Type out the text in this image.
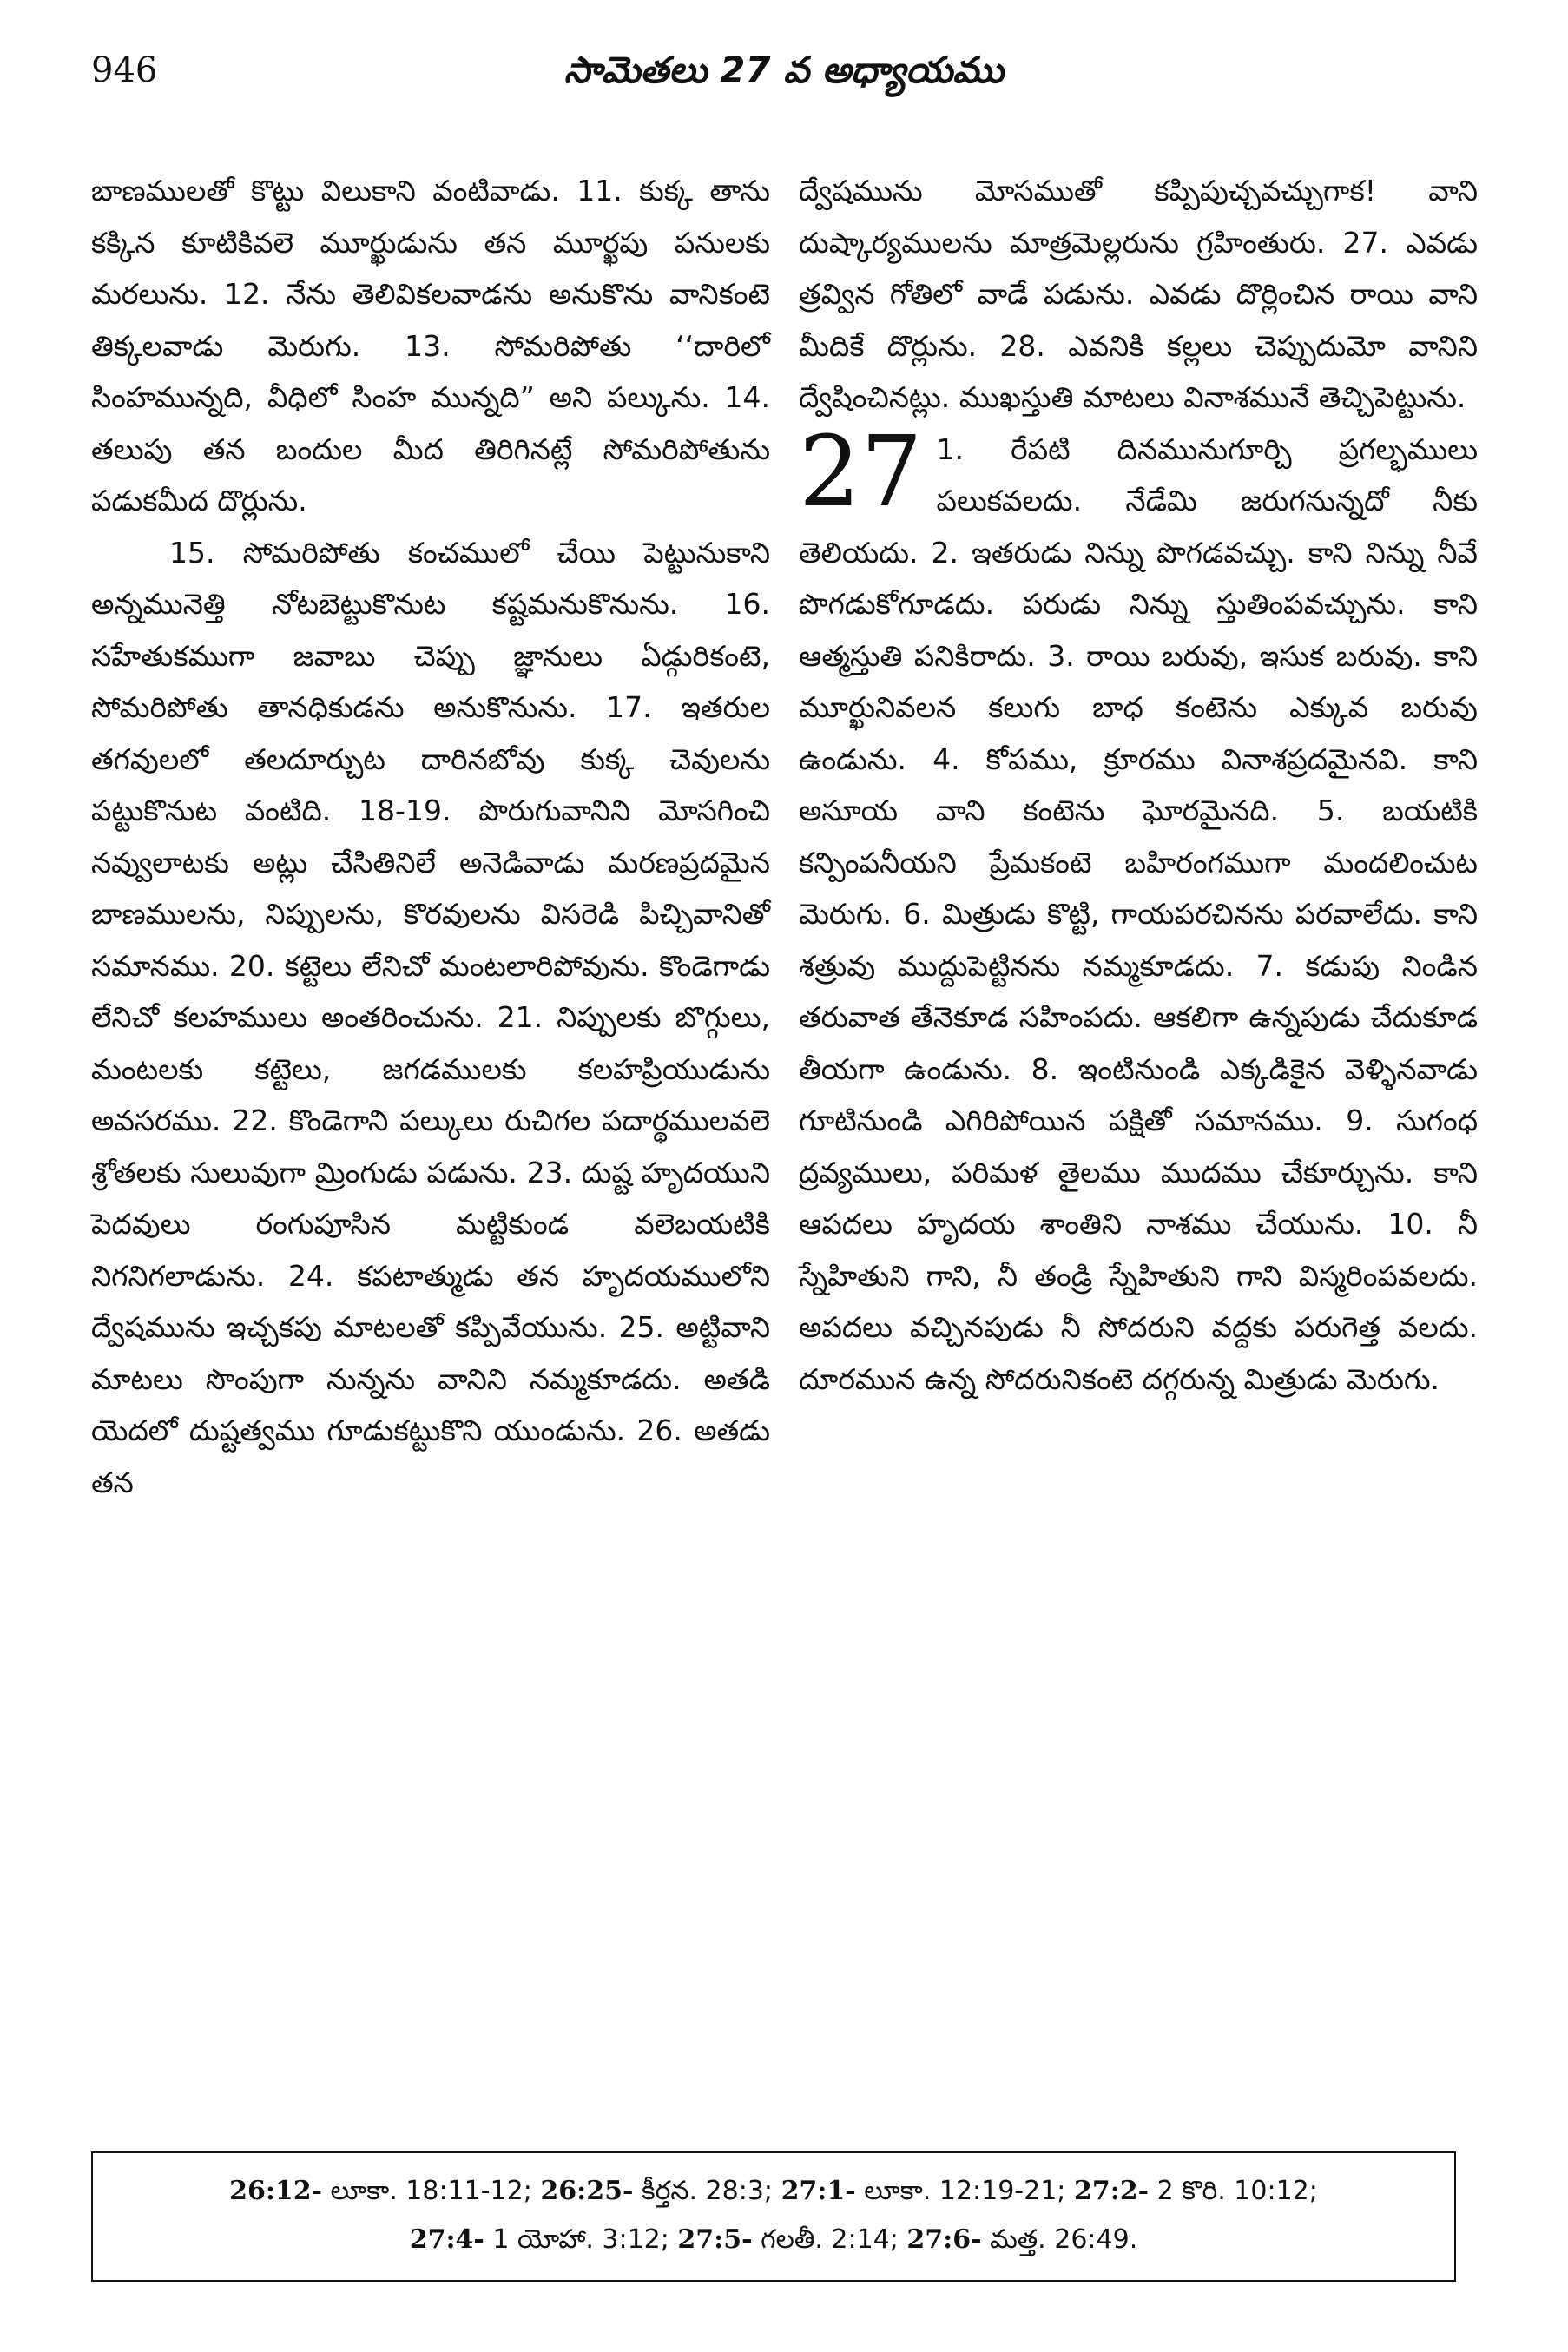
946	సామెతలు 27 వ అధ్యాయము

బాణములతో కొట్టు విలుకాని వంటివాడు. 11. కుక్క తాను కక్కిన కూటికివలె మూర్ఖుడును తన మూర్ఖపు పనులకు మరలును. 12. నేను తెలివికలవాడను అనుకొను వానికంటె తిక్కలవాడు మెరుగు. 13. సోమరిపోతు ‘‘దారిలో సింహమున్నది, వీధిలో సింహ మున్నది” అని పల్కును. 14. తలుపు తన బందుల మీద తిరిగినట్లే సోమరిపోతును పడుకమీద దొర్లును.

15. సోమరిపోతు కంచములో చేయి పెట్టునుకాని అన్నమునెత్తి నోటబెట్టుకొనుట కష్టమనుకొనును. 16. సహేతుకముగా జవాబు చెప్పు జ్ఞానులు ఏడ్గురికంటె, సోమరిపోతు తానధికుడను అనుకొనును. 17. ఇతరుల తగవులలో తలదూర్చుట దారినబోవు కుక్క చెవులను పట్టుకొనుట వంటిది. 18-19. పొరుగువానిని మోసగించి నవ్వులాటకు అట్లు చేసితినిలే అనెడివాడు మరణప్రదమైన బాణములను, నిప్పులను, కొరవులను విసరెడి పిచ్చివానితో సమానము. 20. కట్టెలు లేనిచో మంటలారిపోవును. కొండెగాడు లేనిచో కలహములు అంతరించును. 21. నిప్పులకు బొగ్గులు, మంటలకు కట్టెలు, జగడములకు కలహప్రియుడును అవసరము. 22. కొండెగాని పల్కులు రుచిగల పదార్థములవలె శ్రోతలకు సులువుగా మ్రింగుడు పడును. 23. దుష్ట హృదయుని పెదవులు రంగుపూసిన మట్టికుండ వలెబయటికి నిగనిగలాడును. 24. కపటాత్ముడు తన హృదయములోని ద్వేషమును ఇచ్చకపు మాటలతో కప్పివేయును. 25. అట్టివాని మాటలు సొంపుగా నున్నను వానిని నమ్మకూడదు. అతడి యెదలో దుష్టత్వము గూడుకట్టుకొని యుండును. 26. అతడు తన

ద్వేషమును మోసముతో కప్పిపుచ్చవచ్చుగాక! వాని దుష్కార్యములను మాత్రమెల్లరును గ్రహింతురు. 27. ఎవడు త్రవ్విన గోతిలో వాడే పడును. ఎవడు దొర్లించిన రాయి వాని మీదికే దొర్లును. 28. ఎవనికి కల్లలు చెప్పుదుమో వానిని ద్వేషించినట్లు. ముఖస్తుతి మాటలు వినాశమునే తెచ్చిపెట్టును.

27 1. రేపటి దినమునుగూర్చి ప్రగల్భములు పలుకవలదు. నేడేమి జరుగనున్నదో నీకు తెలియదు. 2. ఇతరుడు నిన్ను పొగడవచ్చు. కాని నిన్ను నీవే పొగడుకోగూడదు. పరుడు నిన్ను స్తుతింపవచ్చును. కాని ఆత్మస్తుతి పనికిరాదు. 3. రాయి బరువు, ఇసుక బరువు. కాని మూర్ఖునివలన కలుగు బాధ కంటెను ఎక్కువ బరువు ఉండును. 4. కోపము, క్రూరము వినాశప్రదమైనవి. కాని అసూయ వాని కంటెను ఘోరమైనది. 5. బయటికి కన్పింపనీయని ప్రేమకంటె బహిరంగముగా మందలించుట మెరుగు. 6. మిత్రుడు కొట్టి, గాయపరచినను పరవాలేదు. కాని శత్రువు ముద్దుపెట్టినను నమ్మకూడదు. 7. కడుపు నిండిన తరువాత తేనెకూడ సహింపదు. ఆకలిగా ఉన్నపుడు చేదుకూడ తీయగా ఉండును. 8. ఇంటినుండి ఎక్కడికైన వెళ్ళినవాడు గూటినుండి ఎగిరిపోయిన పక్షితో సమానము. 9. సుగంధ ద్రవ్యములు, పరిమళ తైలము ముదము చేకూర్చును. కాని ఆపదలు హృదయ శాంతిని నాశము చేయును. 10. నీ స్నేహితుని గాని, నీ తండ్రి స్నేహితుని గాని విస్మరింపవలదు. అపదలు వచ్చినపుడు నీ సోదరుని వద్దకు పరుగెత్త వలదు. దూరమున ఉన్న సోదరునికంటె దగ్గరున్న మిత్రుడు మెరుగు.

26:12- లూకా. 18:11-12; 26:25- కీర్తన. 28:3; 27:1- లూకా. 12:19-21; 27:2- 2 కొరి. 10:12;
27:4- 1 యోహా. 3:12; 27:5- గలతీ. 2:14; 27:6- మత్త. 26:49.
